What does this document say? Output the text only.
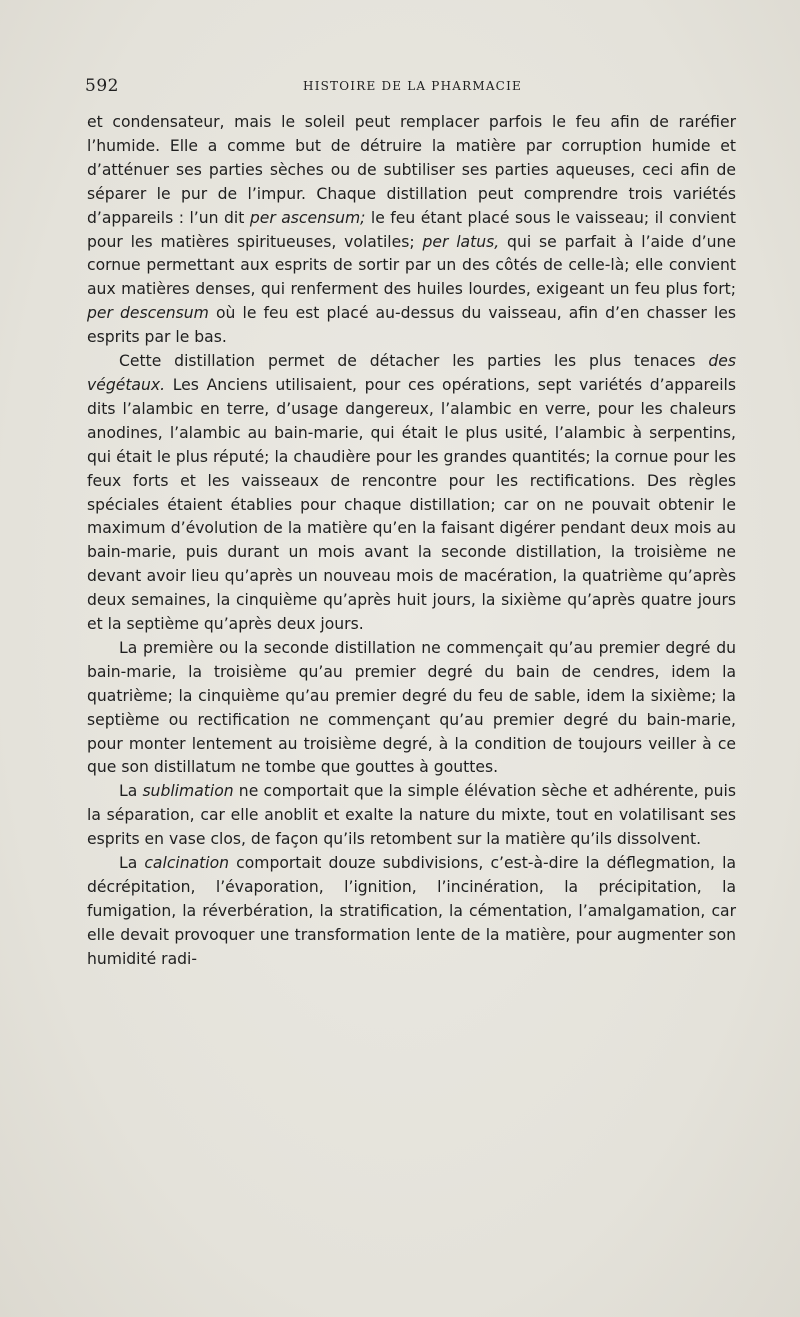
592	HISTOIRE DE LA PHARMACIE

et condensateur, mais le soleil peut remplacer parfois le feu afin de raréfier l’humide. Elle a comme but de détruire la matière par corruption humide et d’atténuer ses parties sèches ou de subtiliser ses parties aqueuses, ceci afin de séparer le pur de l’impur. Chaque distillation peut comprendre trois variétés d’appareils : l’un dit per ascensum; le feu étant placé sous le vaisseau; il convient pour les matières spiritueuses, volatiles; per latus, qui se parfait à l’aide d’une cornue permettant aux esprits de sortir par un des côtés de celle-là; elle convient aux matières denses, qui renferment des huiles lourdes, exigeant un feu plus fort; per descensum où le feu est placé au-dessus du vaisseau, afin d’en chasser les esprits par le bas.

Cette distillation permet de détacher les parties les plus tenaces des végétaux. Les Anciens utilisaient, pour ces opérations, sept variétés d’appareils dits l’alambic en terre, d’usage dangereux, l’alambic en verre, pour les chaleurs anodines, l’alambic au bain-marie, qui était le plus usité, l’alambic à serpentins, qui était le plus réputé; la chaudière pour les grandes quantités; la cornue pour les feux forts et les vaisseaux de rencontre pour les rectifications. Des règles spéciales étaient établies pour chaque distillation; car on ne pouvait obtenir le maximum d’évolution de la matière qu’en la faisant digérer pendant deux mois au bain-marie, puis durant un mois avant la seconde distillation, la troisième ne devant avoir lieu qu’après un nouveau mois de macération, la quatrième qu’après deux semaines, la cinquième qu’après huit jours, la sixième qu’après quatre jours et la septième qu’après deux jours.

La première ou la seconde distillation ne commençait qu’au premier degré du bain-marie, la troisième qu’au premier degré du bain de cendres, idem la quatrième; la cinquième qu’au premier degré du feu de sable, idem la sixième; la septième ou rectification ne commençant qu’au premier degré du bain-marie, pour monter lentement au troisième degré, à la condition de toujours veiller à ce que son distillatum ne tombe que gouttes à gouttes.

La sublimation ne comportait que la simple élévation sèche et adhérente, puis la séparation, car elle anoblit et exalte la nature du mixte, tout en volatilisant ses esprits en vase clos, de façon qu’ils retombent sur la matière qu’ils dissolvent.

La calcination comportait douze subdivisions, c’est-à-dire la déflegmation, la décrépitation, l’évaporation, l’ignition, l’incinération, la précipitation, la fumigation, la réverbération, la stratification, la cémentation, l’amalgamation, car elle devait provoquer une transformation lente de la matière, pour augmenter son humidité radi-
